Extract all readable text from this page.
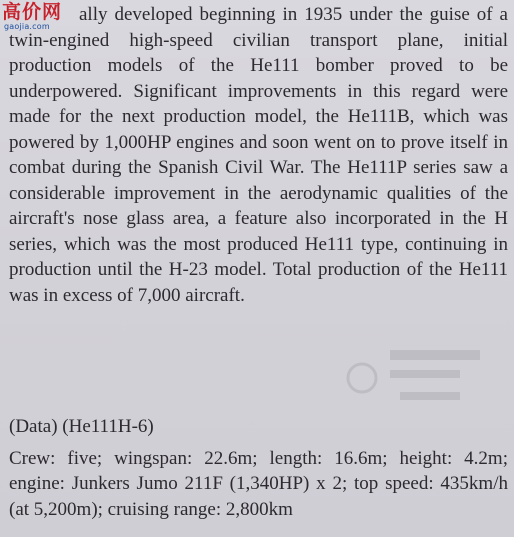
高价网
gaojia.com

ally developed beginning in 1935 under the guise of a twin-engined high-speed civilian transport plane, initial production models of the He111 bomber proved to be underpowered. Significant improvements in this regard were made for the next production model, the He111B, which was powered by 1,000HP engines and soon went on to prove itself in combat during the Spanish Civil War. The He111P series saw a considerable improvement in the aerodynamic qualities of the aircraft's nose glass area, a feature also incorporated in the H series, which was the most produced He111 type, continuing in production until the H-23 model. Total production of the He111 was in excess of 7,000 aircraft.

(Data) (He111H-6)
Crew: five; wingspan: 22.6m; length: 16.6m; height: 4.2m; engine: Junkers Jumo 211F (1,340HP) x 2; top speed: 435km/h (at 5,200m); cruising range: 2,800km
